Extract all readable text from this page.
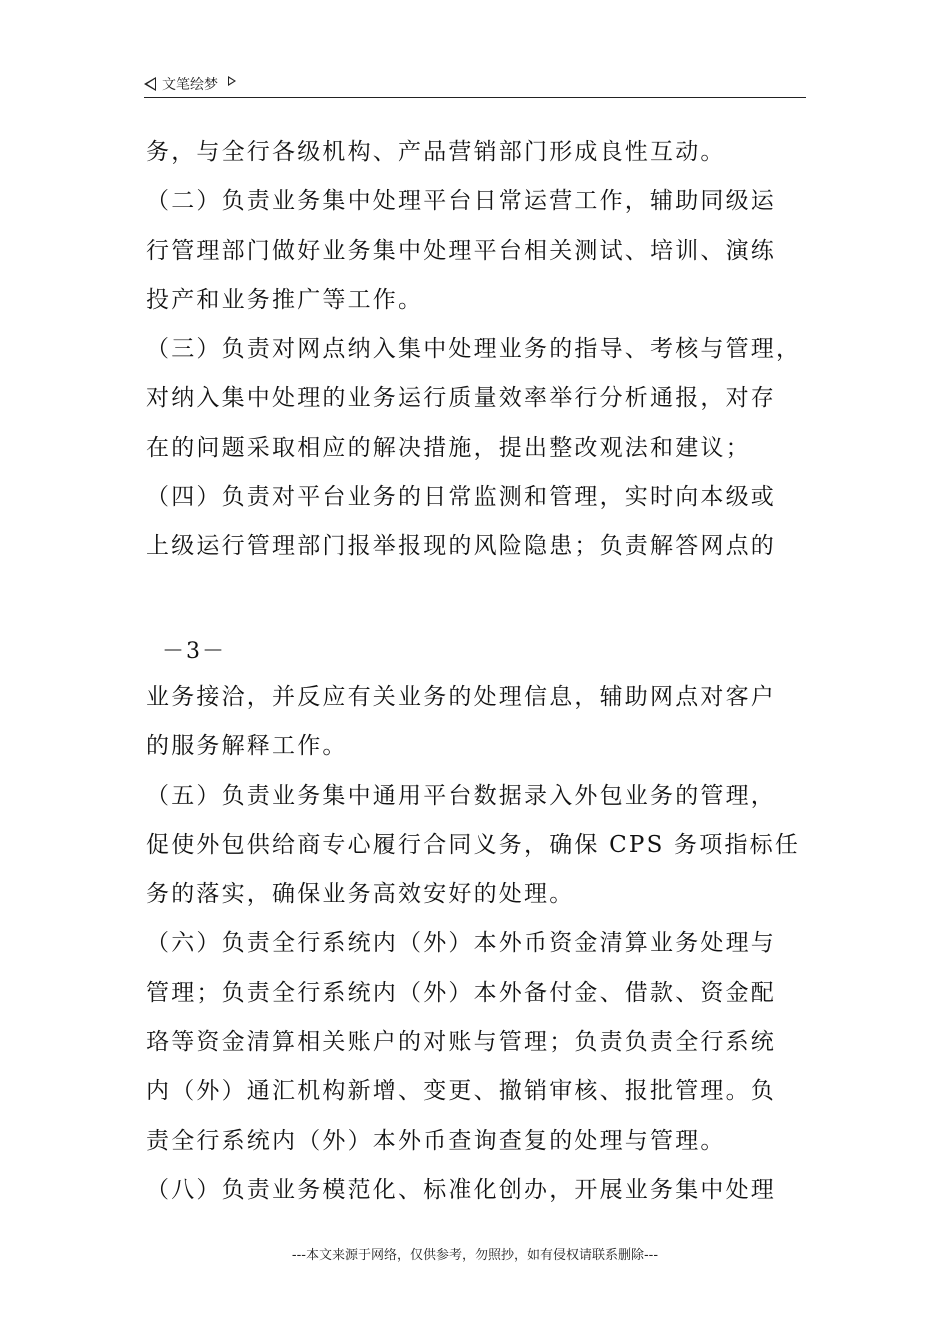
文笔绘梦
务，与全行各级机构、产品营销部门形成良性互动。
（二）负责业务集中处理平台日常运营工作，辅助同级运
行管理部门做好业务集中处理平台相关测试、培训、演练
投产和业务推广等工作。
（三）负责对网点纳入集中处理业务的指导、考核与管理，
对纳入集中处理的业务运行质量效率举行分析通报，对存
在的问题采取相应的解决措施，提出整改观法和建议；
（四）负责对平台业务的日常监测和管理，实时向本级或
上级运行管理部门报举报现的风险隐患；负责解答网点的
－3－
业务接洽，并反应有关业务的处理信息，辅助网点对客户
的服务解释工作。
（五）负责业务集中通用平台数据录入外包业务的管理，
促使外包供给商专心履行合同义务，确保 CPS 务项指标任
务的落实，确保业务高效安好的处理。
（六）负责全行系统内（外）本外币资金清算业务处理与
管理；负责全行系统内（外）本外备付金、借款、资金配
珞等资金清算相关账户的对账与管理；负责负责全行系统
内（外）通汇机构新增、变更、撤销审核、报批管理。负
责全行系统内（外）本外币查询查复的处理与管理。
（八）负责业务模范化、标准化创办，开展业务集中处理
---本文来源于网络，仅供参考，勿照抄，如有侵权请联系删除---
